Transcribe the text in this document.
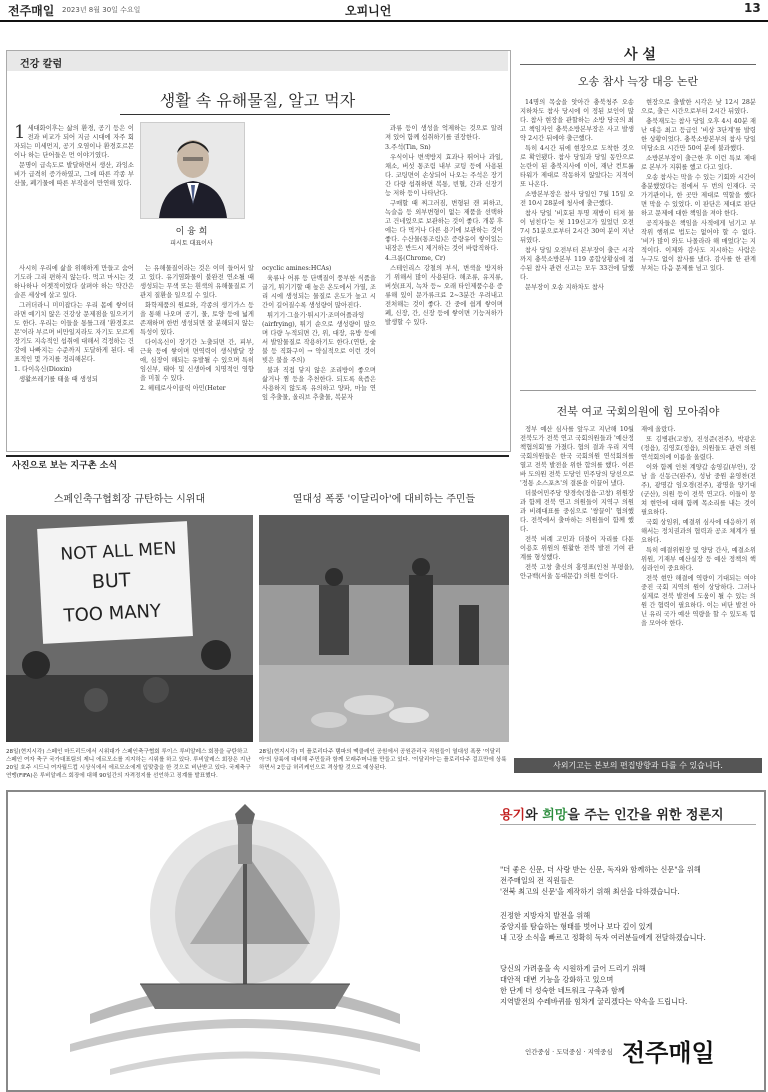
전주매일 2023년 8월 30일 수요일	오피니언	13
건강 칼럼
생활 속 유해물질, 알고 먹자

1 세대화이후는 삶의 환경, 공기 등은 이전과 비교가 되어 지금 시대에 자주 회자되는 미세먼지, 공기 오염이나 환경호르몬이나 하는 단어들은 먼 이야기였다.

문명이 급속도로 발달하면서 생산, 과잉소비가 급격히 증가하였고, 그에 따른 각종 부산물, 폐기물에 따른 부작용이 만연해 있다.

이 융 희
피시토 대표이사

사시히 우리에 삶을 위해하게 만들고 숨어기도라 그리 편하지 않는다. 먹고 마시는 것 하나하나 이젯적이었다 살펴야 하는 약간은 슬픈 세상에 살고 있다.

그러더라니 미미잡다는 우리 몸에 쌓이더라면 예기치 않은 건강상 문제점을 일으키기도 한다. 우리는 이들을 통틀그래 '환경호르몬'이라 부르며 비만일지라도 자기도 모르게 장기도 지속적인 섭취에 대해서 걱정하는 건강에 나빠지는 수준까지 도달하게 된다. 대표적인 몇 가지를 정리해본다.

1. 다이옥신(Dioxin)

생활쓰레기를 태울 때 생성되

는 유해물질이라는 것은 이미 들어서 알고 있다. 유기염화물이 불완전 연소될 때 생성되는 무색 또는 흰색의 유해물질로 기관지 질환을 일으킬 수 있다.

화학제품의 원료와, 각종의 생기가스 등을 통해 나오며 공기, 물, 토양 등에 넓게 존재하며 한번 생성되면 잘 분해되지 않는 특성이 있다.

다이옥신이 장기간 노출되면 간, 피부, 근육 등에 쌓이며 면역력이 생식발달 장애, 심장이 해되는 유발될 수 있으며 특히 임신부, 태아 및 신생아에 치명적인 영향을 미칠 수 있다.

2. 헤테로사이클릭 아민(Heter

ocyclic amines:HCAs)

육류나 어류 등 단백질이 풍부한 식품을 굽기, 튀기기할 때 높은 온도에서 가열, 조리 시에 생성되는 물질로 온도가 높고 시간이 길어질수록 생성량이 많아진다.

튀기기·그을기·튀시기·조미어플라잉(airfrying), 튀기 순으로 생성량이 많으며 다량 누적되면 간, 위, 대장, 유방 등에서 발암물질로 작용하기도 한다.(연탄, 숯불 등 직화구이 → 약실적으로 이런 것이 빚은 불을 주의)

불과 직접 닿지 않은 조리방이 좋으며 삶거나 찜 등을 추천한다. 되도록 육즙은 사용하지 않도록 유의하고 양파, 마늘 연잎 추출물, 올리브 추출물, 복분자

과류 등이 생성을 억제하는 것으로 알려져 있어 함께 섭취하기를 권장한다.

3.주석(Tin, Sn)

우식이나 변색방지 효과나 뛰어나 과일, 채소, 버섯 통조림 내부 코팅 등에 사용된다. 코팅면이 손상되어 나오는 주석은 장기간 다량 섭취하면 복통, 빈혈, 간과 신장기능 저하 등이 나타난다.

구매할 때 찌그러짐, 변형된 캔 피하고, 녹슬음 등 외부변형이 없는 제품을 선택하고 건네었으로 보관하는 것이 좋다. 개봉 후에는 다 먹거나 다른 용기에 보관하는 것이 좋다. 수산물(통조림)은 증량유이 쌓이있는 내장은 반드시 제거하는 것이 바람직하다.

4.크롬(Chrome, Cr)

스테인리스 강철의 부식, 변색을 방지하기 위해서 많이 사용된다. 해조류, 유지류, 버섯(표지, 녹차 등~ 오래 타인제품수용 증류해 있이 문가류크료 2~3분간 우려내고 전처해는 것이 좋다. 간 중에 쉽게 쌓이며 폐, 신장, 간, 신장 등에 쌓이면 기능저하가 발생할 수 있다.

사 설
오송 참사 늑장 대응 논란

14명의 목숨을 앗아간 충북청주 오송 지하차도 참사 당시에 이 정된 보인이 많다. 참사 현장을 관할하는 소방 당국의 최고 책임자인 충북소방본부장은 사고 발생 약 2시간 뒤에야 출근했다.

특히 4시간 뒤에 현장으로 도착한 것으로 확인됐다. 참사 당일과 당일 동안으로 논란이 된 충북지사에 이어, 재난 컨트롤 타워가 제대로 작동하지 않았다는 지적이 또 나온다.

소방본부장은 참사 당일인 7월 15일 오전 10시 28분에 청사에 출근했다.

참사 당일 '비호된 투명 재방이 터져 물이 넘친다'는 첫 119신고가 있었던 오전 7시 51분으로부터 2시간 30여 분이 지난 뒤였다.

참사 당일 오전부터 본부장이 출근 시작까지 충북소방본부 119 종합상황실에 접수된 참사 관련 신고는 모두 33건에 달했다.

문부장이 오송 지하차도 참사

현장으로 출발한 시각은 낮 12시 28분으로, 출근 시간으로부터 2시간 뒤였다.

충북재도는 참사 당일 오후 4시 40분 재난 대응 최고 등급인 '비상 3단계'를 발령한 상황이었다. 충북소방본부의 참사 당일 미담소요 시간만 50여 분에 불과했다.

소방본부장이 출근한 후 이런 특보 제대로 본부가 지휘를 했고 다고 있다.

오송 참사는 막을 수 있는 기회와 시간이 충분했었다는 점에서 두 번의 인재다. 국가기관이나, 한 곳만 제대로 역할을 했다면 막을 수 있었다. 이 판단은 제대로 판단하고 문제에 대한 책임을 져야 한다.

공직자들은 책임을 사적에게 넘기고 부작위 행위로 법도는 없어야 할 수 없다. '비가 많이 와도 나몰라라 해 매었다'는 지적이다. 이제와 감사도 지시하는 사람은 누구도 없이 참사를 냈다. 감사를 한 관계부처는 다음 문제를 넘고 있다.

전북 여교 국회의원에 힘 모아줘야

정부 예산 심사를 앞두고 지난해 10월 전북도가 전북 연고 국회의원들과 '예산정책협의회'를 가졌다. 협의 결과 우리 지역 국회의원들은 한국 국회의원 연석회의를 열고 전북 발전을 위한 합의를 했다. 이른바 도의원 전북 도당인 민주당의 당선으로 '정통 소스포츠'의 결론을 이끌어 냈다.

더불어민주당 양경숙(정읍·고창) 위원장과 함께 전북 연고 의원들이 지역구 의원과 비례대표를 중심으로 '쌍끌이' 협의했다. 전북에서 출마하는 의원들이 함께 했다.

전북 비례 고민과 더불어 자리를 다툰 이용호 위원의 원활한 전북 발전 기여 관계를 형성했다.

전북 고창 출신의 홍영표(인천 부평을), 안규백(서울 동대문갑) 의원 등이다.

재에 올랐다.

또 김병관(고창), 진성준(전주), 박광온(정읍), 김영호(정읍), 의원들도 관련 의원 연석회의에 이름을 올렸다.

이와 함께 인천 계양갑 송영길(부안), 강남 을 신동근(완주), 성남 중원 윤영찬(전주), 광명갑 임오경(전주), 광명을 양기대(군산), 의원 등이 전북 연고다. 이들이 뭉쳐 현안에 대해 함께 목소리를 내는 것이 필요하다.

국회 상임위, 예결위 심사에 대응하기 위해서는 정치권과의 협력과 공조 체계가 필요하다.

특히 예결위원장 및 양당 간사, 예결소위 위원, 기재부 예산실장 등 예산 정책의 핵심라인이 중요하다.

전북 현안 해결에 역량이 기대되는 여야 중진 국회 지역의 원이 상당하다. 그러나 실제로 전북 발전에 도움이 될 수 있는 의원 간 협력이 필요하다. 이는 비단 발전 아닌 유리 국가 예산 역량을 할 수 있도록 힘을 모아야 한다.

사외기고는 본보의 편집방향과 다를 수 있습니다.
사진으로 보는 지구촌 소식
스페인축구협회장 규탄하는 시위대	열대성 폭풍 '이달리아'에 대비하는 주민들
NOT ALL MEN
BUT
TOO MANY
28일(현지시각) 스페인 마드리드에서 시위대가 스페인축구협회 루이스 루비알레스 회장을 규탄하고 스페인 여자 축구 국가대표팀의 제니 에르모소를 지지하는 시위를 하고 있다. 루비알레스 회장은 지난 20일 호주 시드니 여자월드컵 시상식에서 에르모소에게 입맞춤을 한 것으로 비난받고 있다. 국제축구연맹(FIFA)은 루비알레스 회장에 대해 90일간의 자격정지를 선언하고 징계를 발표했다.
28일(현지시각) 미 플로리다주 탬파의 맥클레인 공원에서 공원관리국 직원들이 열대성 폭풍 '이달리아'의 상륙에 대비해 주민들과 함께 모래주머니를 만들고 있다. '이달리아'는 플로리다주 걸프만에 상륙하면서 2등급 허리케인으로 격상할 것으로 예상된다.
용기와 희망을 주는 인간을 위한 정론지
"더 좋은 신문, 더 사랑 받는 신문, 독자와 함께하는 신문"을 위해
전주매일의 전 직원들은
'전북 최고의 신문'을 제작하기 위해 최선을 다하겠습니다.
진정한 지방자치 발전을 위해
중앙지를 탐습하는 형태를 벗어나 보다 깊이 있게
내 고장 소식을 빠르고 정확히 독자 여러분들에게 전달하겠습니다.
당신의 가려움을 속 시원하게 긁어 드리기 위해
대안적 대변 기능을 강화하고 있으며
한 단계 더 성숙한 네트워크 구축과 함께
지역발전의 수레바퀴를 힘차게 굴리겠다는 약속을 드립니다.
인간중심 · 도덕중심 · 지역중심 전주매일
